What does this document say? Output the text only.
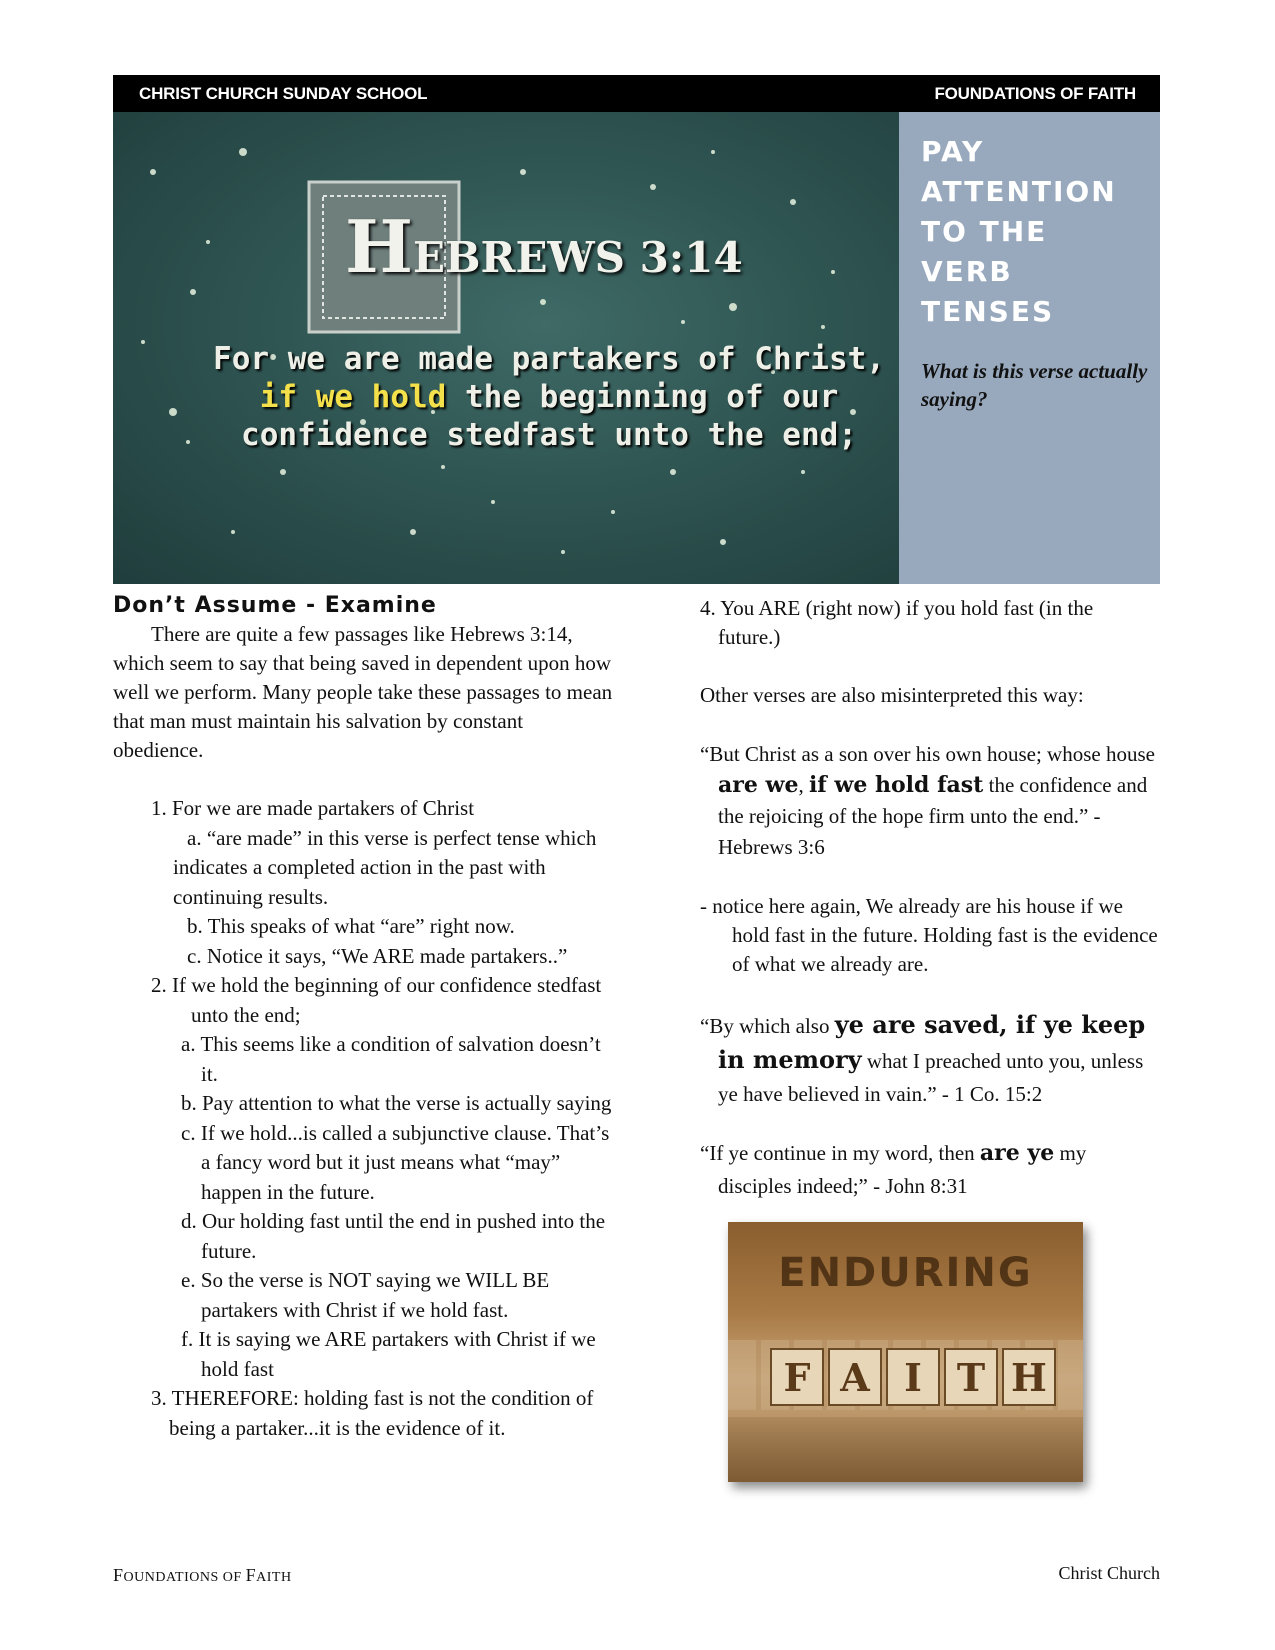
CHRIST CHURCH SUNDAY SCHOOL	FOUNDATIONS OF FAITH
HEBREWS 3:14
For we are made partakers of Christ,
if we hold the beginning of our
confidence stedfast unto the end;
PAY
ATTENTION
TO THE
VERB
TENSES
What is this verse actually saying?
Don’t Assume - Examine

There are quite a few passages like Hebrews 3:14, which seem to say that being saved in dependent upon how well we perform. Many people take these passages to mean that man must maintain his salvation by constant obedience.

1. For we are made partakers of Christ
a. “are made” in this verse is perfect tense which indicates a completed action in the past with continuing results.
b. This speaks of what “are” right now.
c. Notice it says, “We ARE made partakers..”
2. If we hold the beginning of our confidence stedfast unto the end;
a. This seems like a condition of salvation doesn’t it.
b. Pay attention to what the verse is actually saying
c. If we hold...is called a subjunctive clause. That’s a fancy word but it just means what “may” happen in the future.
d. Our holding fast until the end in pushed into the future.
e. So the verse is NOT saying we WILL BE partakers with Christ if we hold fast.
f. It is saying we ARE partakers with Christ if we hold fast
3. THEREFORE: holding fast is not the condition of being a partaker...it is the evidence of it.

4. You ARE (right now) if you hold fast (in the future.)

Other verses are also misinterpreted this way:

“But Christ as a son over his own house; whose house are we, if we hold fast the confidence and the rejoicing of the hope firm unto the end.” - Hebrews 3:6

- notice here again, We already are his house if we hold fast in the future. Holding fast is the evidence of what we already are.

“By which also ye are saved, if ye keep in memory what I preached unto you, unless ye have believed in vain.” - 1 Co. 15:2

“If ye continue in my word, then are ye my disciples indeed;” - John 8:31

ENDURING
F A I T H
FOUNDATIONS OF FAITH	Christ Church
